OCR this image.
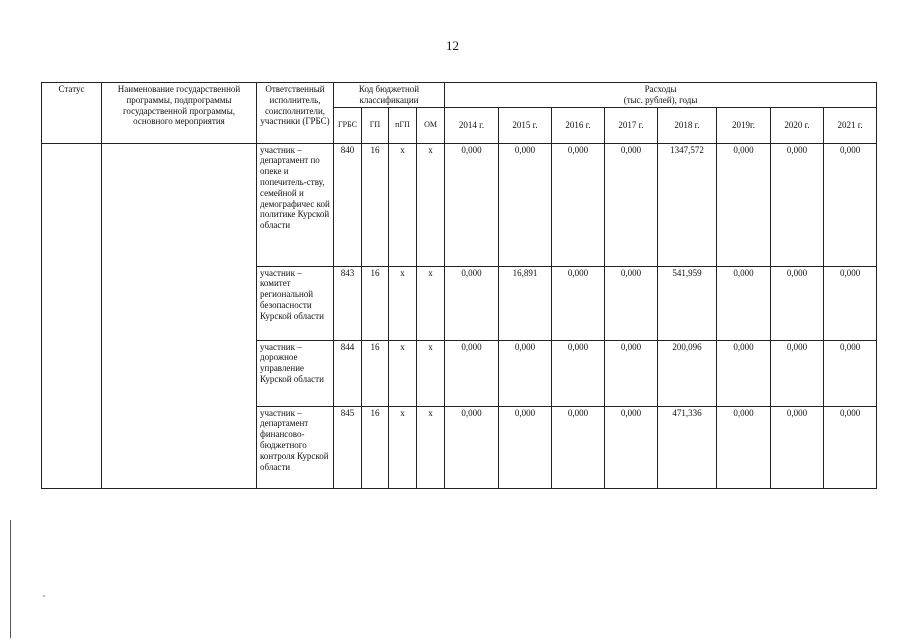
12
Статус	Наименование государственной программы, подпрограммы государственной программы, основного мероприятия	Ответственный исполнитель, соисполнители, участники (ГРБС)	Код бюджетной классификации				Расходы
(тыс. рублей), годы							

			ГРБС	ГП	пГП	ОМ	2014 г.	2015 г.	2016 г.	2017 г.	2018 г.	2019г.	2020 г.	2021 г.
		участник – департамент по опеке и попечитель-ству, семейной и демографичес кой политике Курской области	840	16	х	х	0,000	0,000	0,000	0,000	1347,572	0,000	0,000	0,000
		участник – комитет региональной безопасности Курской области	843	16	х	х	0,000	16,891	0,000	0,000	541,959	0,000	0,000	0,000
		участник – дорожное управление Курской области	844	16	х	х	0,000	0,000	0,000	0,000	200,096	0,000	0,000	0,000
		участник – департамент финансово-бюджетного контроля Курской области	845	16	х	х	0,000	0,000	0,000	0,000	471,336	0,000	0,000	0,000
